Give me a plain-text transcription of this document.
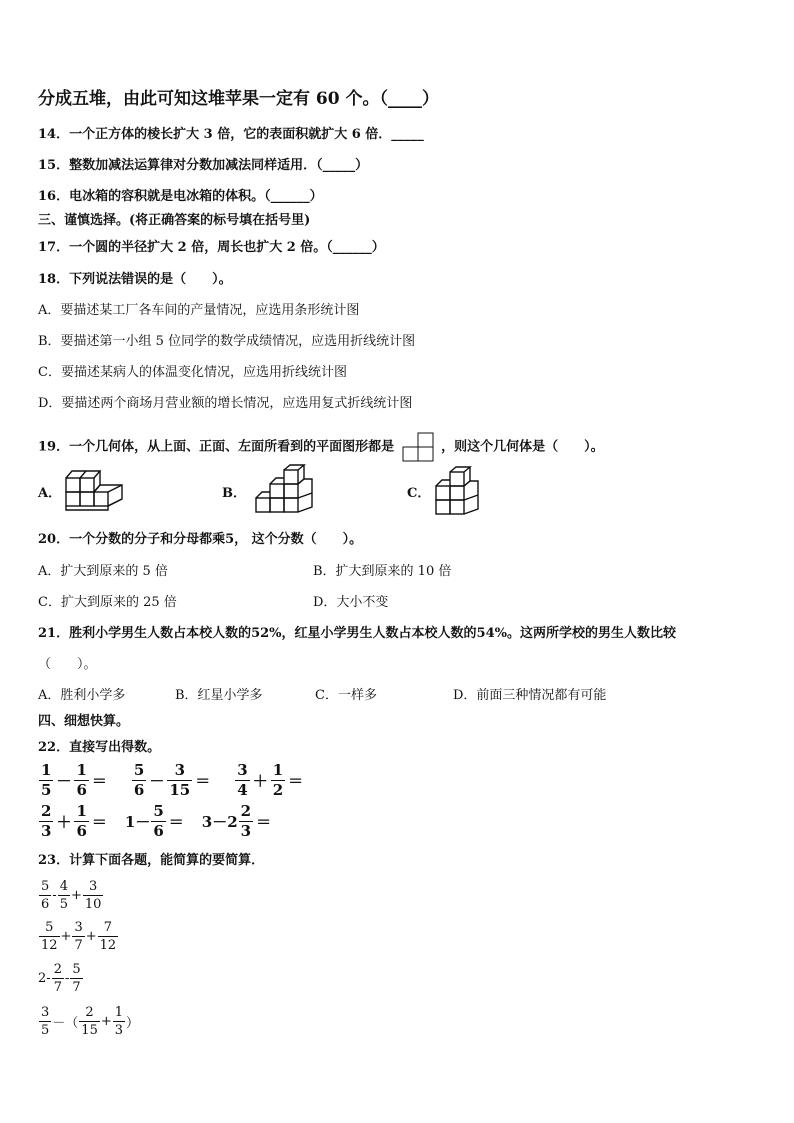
分成五堆，由此可知这堆苹果一定有 60 个。（____）
14．一个正方体的棱长扩大 3 倍，它的表面积就扩大 6 倍．_____
15．整数加减法运算律对分数加减法同样适用．（_____）
16．电冰箱的容积就是电冰箱的体积。（______）
三、谨慎选择。(将正确答案的标号填在括号里)
17．一个圆的半径扩大 2 倍，周长也扩大 2 倍。（______）
18．下列说法错误的是（　　）。
A．要描述某工厂各车间的产量情况，应选用条形统计图
B．要描述第一小组 5 位同学的数学成绩情况，应选用折线统计图
C．要描述某病人的体温变化情况，应选用折线统计图
D．要描述两个商场月营业额的增长情况，应选用复式折线统计图
19．一个几何体，从上面、正面、左面所看到的平面图形都是	，则这个几何体是（　　）。
A．	B．	C．
20．一个分数的分子和分母都乘5， 这个分数（　　）。
A．扩大到原来的 5 倍	B．扩大到原来的 10 倍
C．扩大到原来的 25 倍	D．大小不变
21．胜利小学男生人数占本校人数的52%，红星小学男生人数占本校人数的54%。这两所学校的男生人数比较
（　　）。
A．胜利小学多	B．红星小学多	C．一样多	D．前面三种情况都有可能
四、细想快算。
22．直接写出得数。
$\frac{1}{5} - \frac{1}{6} = \frac{5}{6} - \frac{3}{15} = \frac{3}{4} + \frac{1}{2}$ ＝
$\frac{2}{3} + \frac{1}{6} = 1- \frac{5}{6} = 3-2 \frac{2}{3}$ ＝
23．计算下面各题，能简算的要简算．
$\frac{5}{6} - \frac{4}{5} + \frac{3}{10}$
$\frac{5}{12} + \frac{3}{7} + \frac{7}{12}$
$2 - \frac{2}{7} - \frac{5}{7}$
$\frac{3}{5}$ －（ $\frac{2}{15} + \frac{1}{3}$ ）
